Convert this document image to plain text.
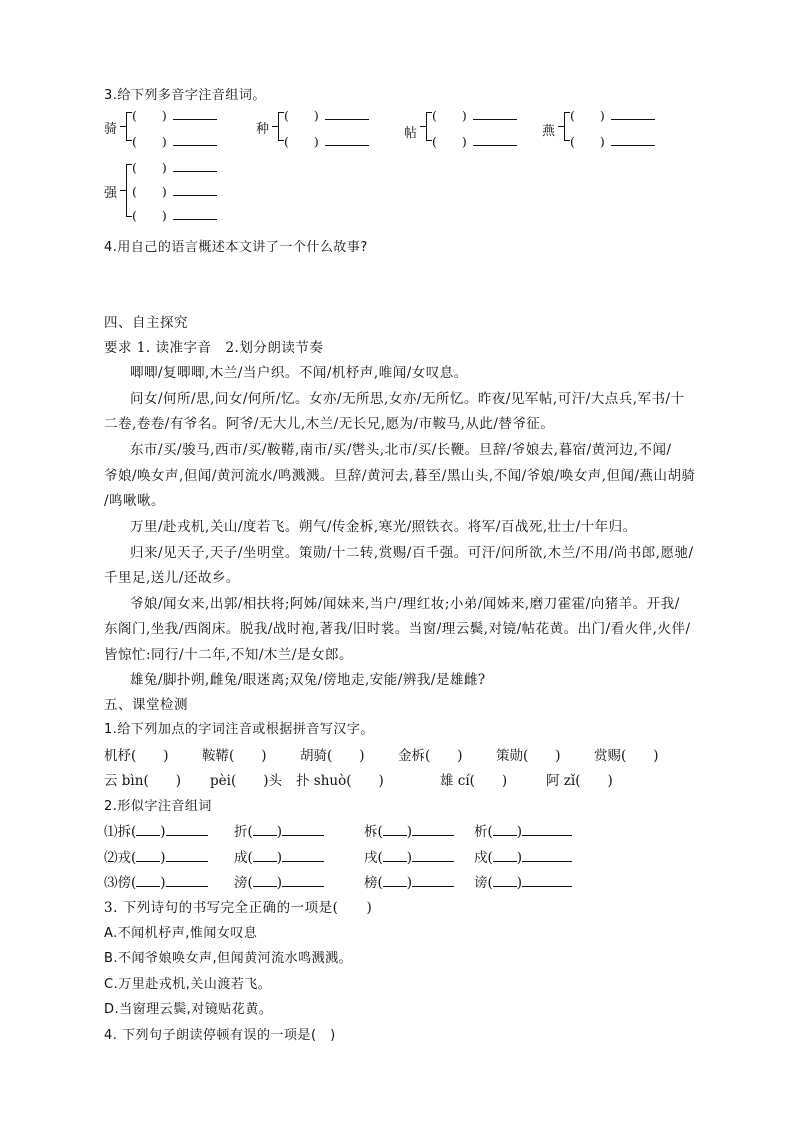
3.给下列多音字注音组词。
骑
(　　)
(　　)
种
(　　)
(　　)
帖
(　　)
(　　)
燕
(　　)
(　　)
强
(　　)
(　　)
(　　)
4.用自己的语言概述本文讲了一个什么故事?
四、自主探究
要求 1. 读准字音　2.划分朗读节奏
唧唧/复唧唧,木兰/当户织。不闻/机杼声,唯闻/女叹息。
问女/何所/思,问女/何所/忆。女亦/无所思,女亦/无所忆。昨夜/见军帖,可汗/大点兵,军书/十
二卷,卷卷/有爷名。阿爷/无大儿,木兰/无长兄,愿为/市鞍马,从此/替爷征。
东市/买/骏马,西市/买/鞍鞯,南市/买/辔头,北市/买/长鞭。旦辞/爷娘去,暮宿/黄河边,不闻/
爷娘/唤女声,但闻/黄河流水/鸣溅溅。旦辞/黄河去,暮至/黑山头,不闻/爷娘/唤女声,但闻/燕山胡骑
/鸣啾啾。
万里/赴戎机,关山/度若飞。朔气/传金柝,寒光/照铁衣。将军/百战死,壮士/十年归。
归来/见天子,天子/坐明堂。策勋/十二转,赏赐/百千强。可汗/问所欲,木兰/不用/尚书郎,愿驰/
千里足,送儿/还故乡。
爷娘/闻女来,出郭/相扶将;阿姊/闻妹来,当户/理红妆;小弟/闻姊来,磨刀霍霍/向猪羊。开我/
东阁门,坐我/西阁床。脱我/战时袍,著我/旧时裳。当窗/理云鬓,对镜/帖花黄。出门/看火伴,火伴/
皆惊忙:同行/十二年,不知/木兰/是女郎。
雄兔/脚扑朔,雌兔/眼迷离;双兔/傍地走,安能/辨我/是雄雌?
五、课堂检测
1.给下列加点的字词注音或根据拼音写汉字。
机杼(　　) 鞍鞯(　　) 胡骑(　　) 金柝(　　) 策勋(　　) 赏赐(　　)
云 bìn(　　) pèi(　　)头 扑 shuò(　　)	雄 cí(　　)	阿 zǐ(　　)
2.形似字注音组词
⑴拆( )	折( )	柝( )	析( )
⑵戎( )	成( )	戌( )	戍( )
⑶傍( )	滂( )	榜( )	谤( )
3. 下列诗句的书写完全正确的一项是(　　)
A.不闻机杼声,惟闻女叹息
B.不闻爷娘唤女声,但闻黄河流水鸣溅溅。
C.万里赴戎机,关山渡若飞。
D.当窗理云鬓,对镜贴花黄。
4. 下列句子朗读停顿有误的一项是(　)
